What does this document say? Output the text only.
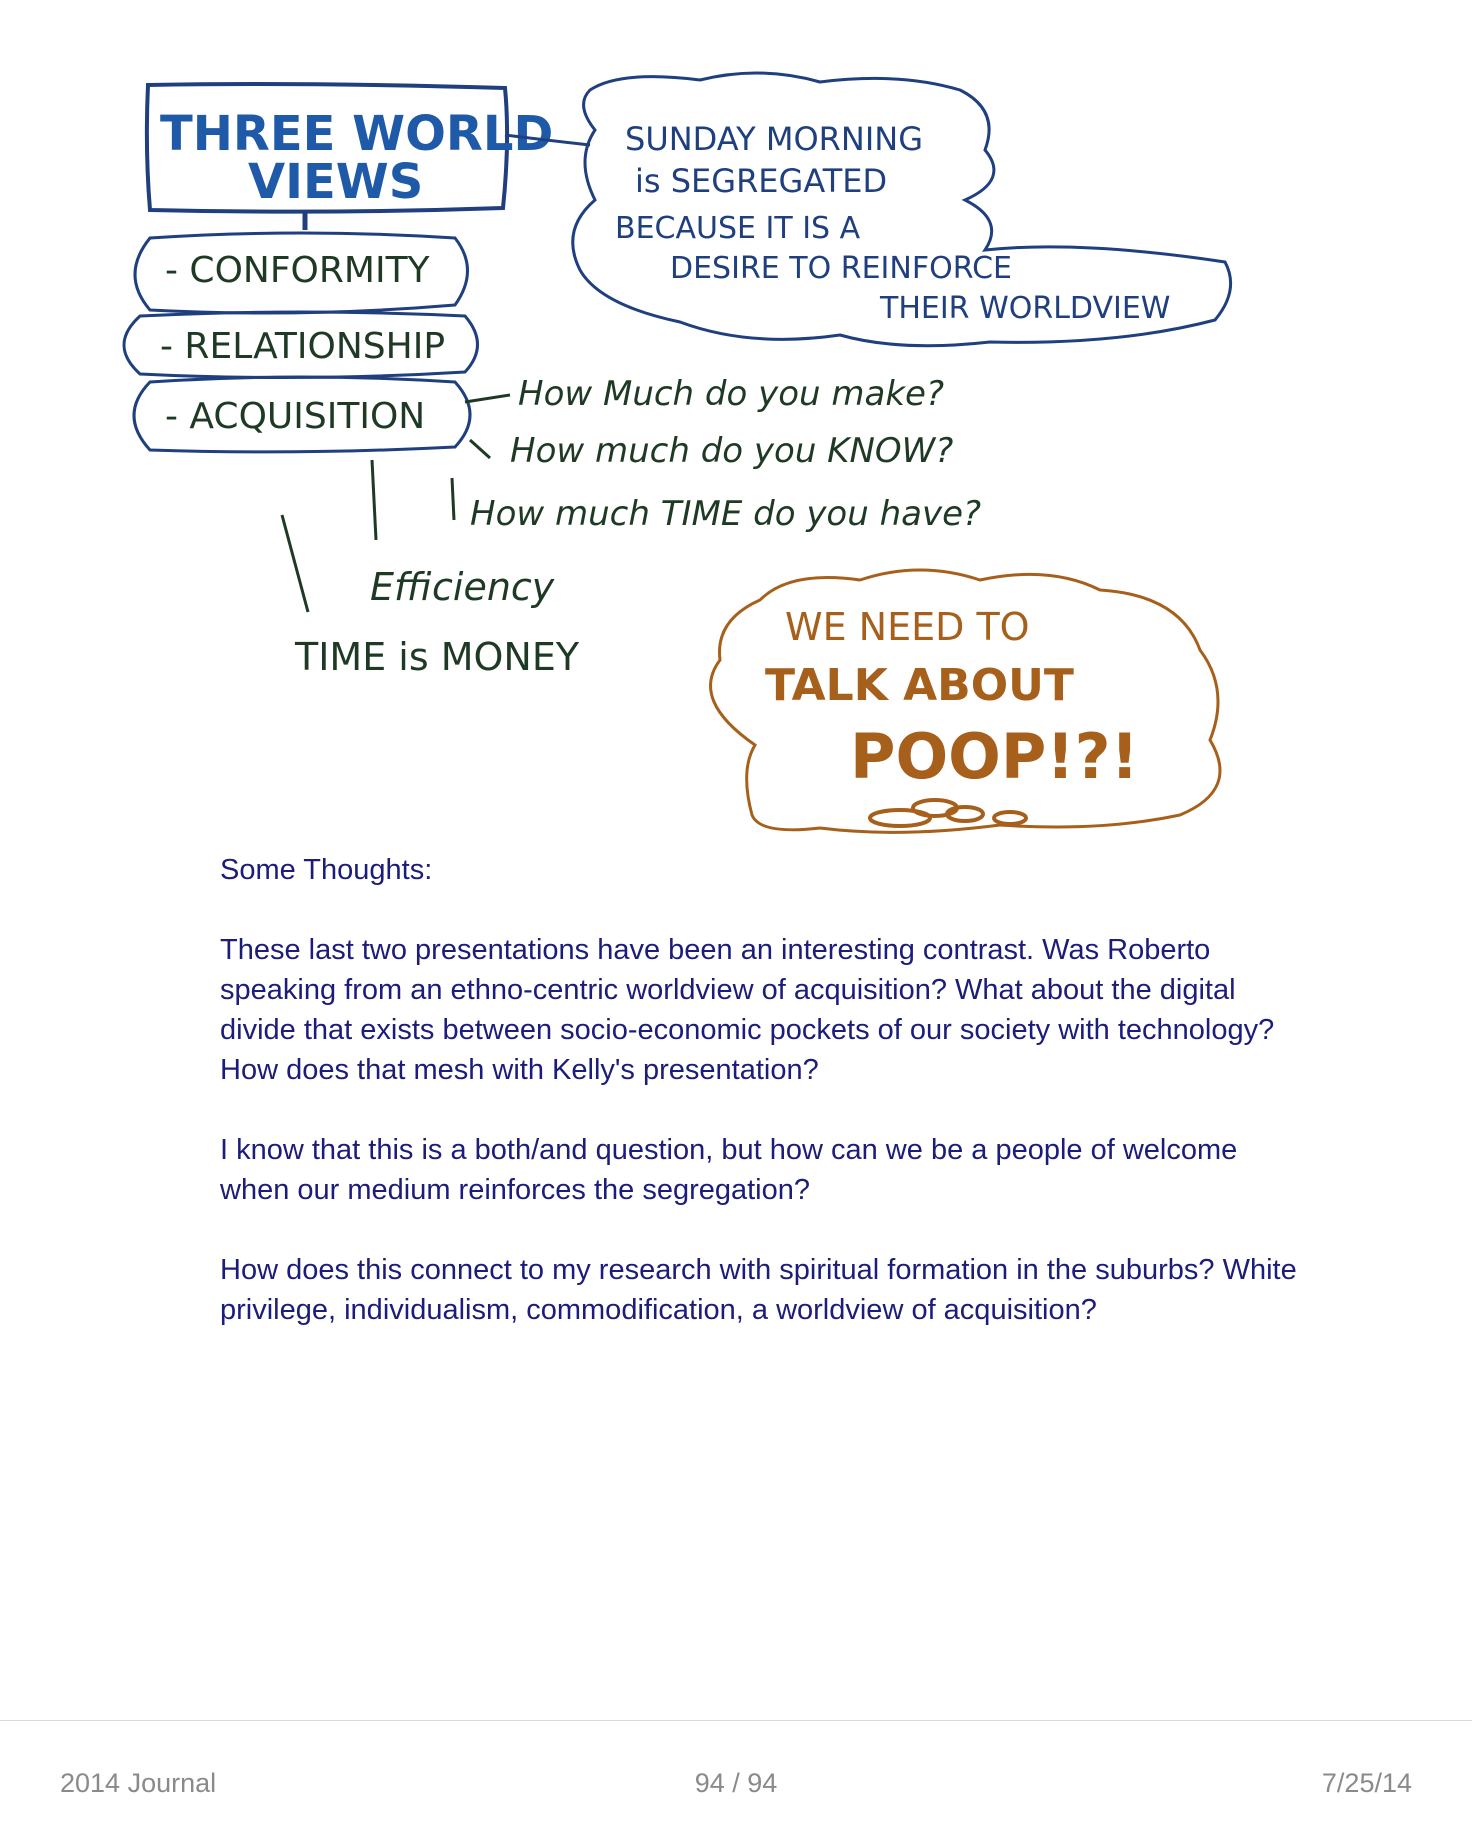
THREE WORLD
VIEWS
- CONFORMITY
- RELATIONSHIP
- ACQUISITION
SUNDAY MORNING
is SEGREGATED
BECAUSE IT IS A
DESIRE TO REINFORCE
THEIR WORLDVIEW
How Much do you make?
How much do you KNOW?
How much TIME do you have?
Efficiency
TIME is MONEY
WE NEED TO
TALK ABOUT
POOP!?!

Some Thoughts:

These last two presentations have been an interesting contrast. Was Roberto speaking from an ethno-centric worldview of acquisition? What about the digital divide that exists between socio-economic pockets of our society with technology? How does that mesh with Kelly's presentation?

I know that this is a both/and question, but how can we be a people of welcome when our medium reinforces the segregation?

How does this connect to my research with spiritual formation in the suburbs? White privilege, individualism, commodification, a worldview of acquisition?

2014 Journal	94 / 94	7/25/14
